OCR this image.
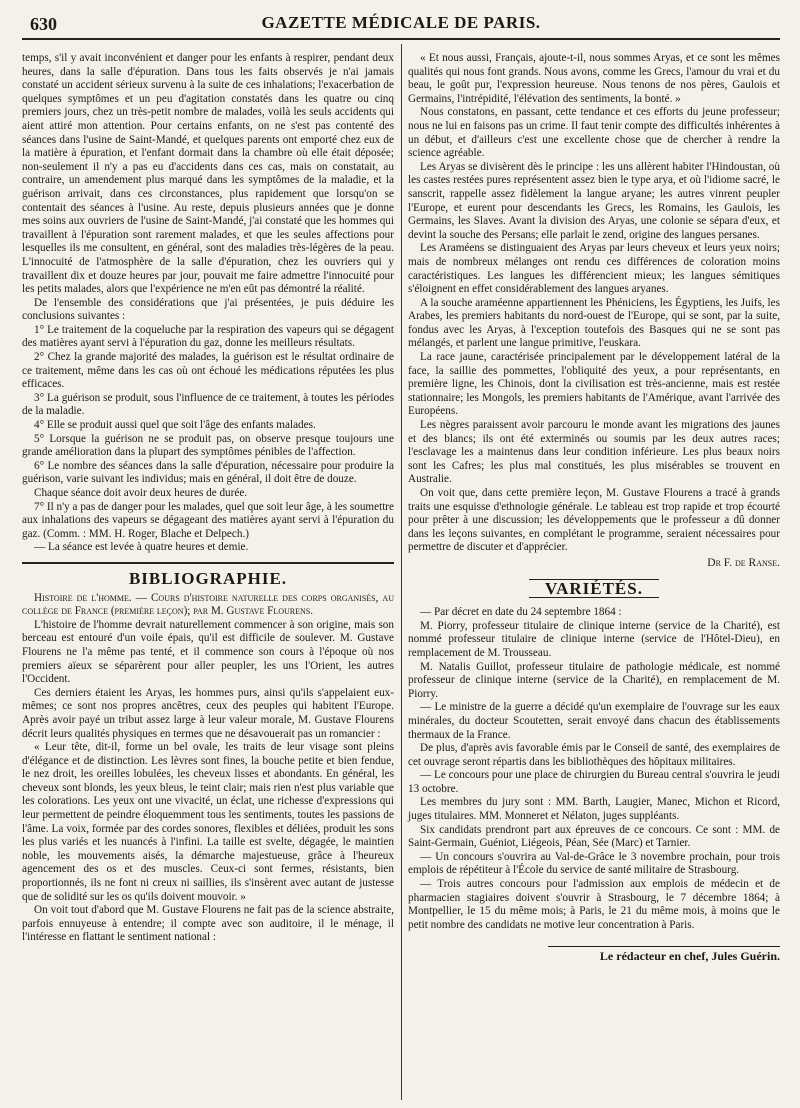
630	GAZETTE MÉDICALE DE PARIS.

temps, s'il y avait inconvénient et danger pour les enfants à respirer, pendant deux heures, dans la salle d'épuration. Dans tous les faits observés je n'ai jamais constaté un accident sérieux survenu à la suite de ces inhalations; l'exacerbation de quelques symptômes et un peu d'agitation constatés dans les quatre ou cinq premiers jours, chez un très-petit nombre de malades, voilà les seuls accidents qui aient attiré mon attention. Pour certains enfants, on ne s'est pas contenté des séances dans l'usine de Saint-Mandé, et quelques parents ont emporté chez eux de la matière à épuration, et l'enfant dormait dans la chambre où elle était déposée; non-seulement il n'y a pas eu d'accidents dans ces cas, mais on constatait, au contraire, un amendement plus marqué dans les symptômes de la maladie, et la guérison arrivait, dans ces circonstances, plus rapidement que lorsqu'on se contentait des séances à l'usine. Au reste, depuis plusieurs années que je donne mes soins aux ouvriers de l'usine de Saint-Mandé, j'ai constaté que les hommes qui travaillent à l'épuration sont rarement malades, et que les seules affections pour lesquelles ils me consultent, en général, sont des maladies très-légères de la peau. L'innocuité de l'atmosphère de la salle d'épuration, chez les ouvriers qui y travaillent dix et douze heures par jour, pouvait me faire admettre l'innocuité pour les petits malades, alors que l'expérience ne m'en eût pas démontré la réalité.

De l'ensemble des considérations que j'ai présentées, je puis déduire les conclusions suivantes :

1° Le traitement de la coqueluche par la respiration des vapeurs qui se dégagent des matières ayant servi à l'épuration du gaz, donne les meilleurs résultats.

2° Chez la grande majorité des malades, la guérison est le résultat ordinaire de ce traitement, même dans les cas où ont échoué les médications réputées les plus efficaces.

3° La guérison se produit, sous l'influence de ce traitement, à toutes les périodes de la maladie.

4° Elle se produit aussi quel que soit l'âge des enfants malades.

5° Lorsque la guérison ne se produit pas, on observe presque toujours une grande amélioration dans la plupart des symptômes pénibles de l'affection.

6° Le nombre des séances dans la salle d'épuration, nécessaire pour produire la guérison, varie suivant les individus; mais en général, il doit être de douze.

Chaque séance doit avoir deux heures de durée.

7° Il n'y a pas de danger pour les malades, quel que soit leur âge, à les soumettre aux inhalations des vapeurs se dégageant des matières ayant servi à l'épuration du gaz. (Comm. : MM. H. Roger, Blache et Delpech.)

— La séance est levée à quatre heures et demie.

BIBLIOGRAPHIE.

Histoire de l'homme. — Cours d'histoire naturelle des corps organisés, au collège de France (première leçon); par M. Gustave Flourens.

L'histoire de l'homme devrait naturellement commencer à son origine, mais son berceau est entouré d'un voile épais, qu'il est difficile de soulever. M. Gustave Flourens ne l'a même pas tenté, et il commence son cours à l'époque où nos premiers aïeux se séparèrent pour aller peupler, les uns l'Orient, les autres l'Occident.

Ces derniers étaient les Aryas, les hommes purs, ainsi qu'ils s'appelaient eux-mêmes; ce sont nos propres ancêtres, ceux des peuples qui habitent l'Europe. Après avoir payé un tribut assez large à leur valeur morale, M. Gustave Flourens décrit leurs qualités physiques en termes que ne désavouerait pas un romancier :

« Leur tête, dit-il, forme un bel ovale, les traits de leur visage sont pleins d'élégance et de distinction. Les lèvres sont fines, la bouche petite et bien fendue, le nez droit, les oreilles lobulées, les cheveux lisses et abondants. En général, les cheveux sont blonds, les yeux bleus, le teint clair; mais rien n'est plus variable que les colorations. Les yeux ont une vivacité, un éclat, une richesse d'expressions qui leur permettent de peindre éloquemment tous les sentiments, toutes les passions de l'âme. La voix, formée par des cordes sonores, flexibles et déliées, produit les sons les plus variés et les nuancés à l'infini. La taille est svelte, dégagée, le maintien noble, les mouvements aisés, la démarche majestueuse, grâce à l'heureux agencement des os et des muscles. Ceux-ci sont fermes, résistants, bien proportionnés, ils ne font ni creux ni saillies, ils s'insèrent avec autant de justesse que de solidité sur les os qu'ils doivent mouvoir. »

On voit tout d'abord que M. Gustave Flourens ne fait pas de la science abstraite, parfois ennuyeuse à entendre; il compte avec son auditoire, il le ménage, il l'intéresse en flattant le sentiment national :

« Et nous aussi, Français, ajoute-t-il, nous sommes Aryas, et ce sont les mêmes qualités qui nous font grands. Nous avons, comme les Grecs, l'amour du vrai et du beau, le goût pur, l'expression heureuse. Nous tenons de nos pères, Gaulois et Germains, l'intrépidité, l'élévation des sentiments, la bonté. »

Nous constatons, en passant, cette tendance et ces efforts du jeune professeur; nous ne lui en faisons pas un crime. Il faut tenir compte des difficultés inhérentes à un début, et d'ailleurs c'est une excellente chose que de chercher à rendre la science agréable.

Les Aryas se divisèrent dès le principe : les uns allèrent habiter l'Hindoustan, où les castes restées pures représentent assez bien le type arya, et où l'idiome sacré, le sanscrit, rappelle assez fidèlement la langue aryane; les autres vinrent peupler l'Europe, et eurent pour descendants les Grecs, les Romains, les Gaulois, les Germains, les Slaves. Avant la division des Aryas, une colonie se sépara d'eux, et devint la souche des Persans; elle parlait le zend, origine des langues persanes.

Les Araméens se distinguaient des Aryas par leurs cheveux et leurs yeux noirs; mais de nombreux mélanges ont rendu ces différences de coloration moins caractéristiques. Les langues les différencient mieux; les langues sémitiques s'éloignent en effet considérablement des langues aryanes.

A la souche araméenne appartiennent les Phéniciens, les Égyptiens, les Juifs, les Arabes, les premiers habitants du nord-ouest de l'Europe, qui se sont, par la suite, fondus avec les Aryas, à l'exception toutefois des Basques qui ne se sont pas mélangés, et parlent une langue primitive, l'euskara.

La race jaune, caractérisée principalement par le développement latéral de la face, la saillie des pommettes, l'obliquité des yeux, a pour représentants, en première ligne, les Chinois, dont la civilisation est très-ancienne, mais est restée stationnaire; les Mongols, les premiers habitants de l'Amérique, avant l'arrivée des Européens.

Les nègres paraissent avoir parcouru le monde avant les migrations des jaunes et des blancs; ils ont été exterminés ou soumis par les deux autres races; l'esclavage les a maintenus dans leur condition inférieure. Les plus beaux noirs sont les Cafres; les plus mal constitués, les plus misérables se trouvent en Australie.

On voit que, dans cette première leçon, M. Gustave Flourens a tracé à grands traits une esquisse d'ethnologie générale. Le tableau est trop rapide et trop écourté pour prêter à une discussion; les développements que le professeur a dû donner dans les leçons suivantes, en complétant le programme, seraient nécessaires pour permettre de discuter et d'apprécier.

Dr F. de Ranse.
VARIÉTÉS.

— Par décret en date du 24 septembre 1864 :

M. Piorry, professeur titulaire de clinique interne (service de la Charité), est nommé professeur titulaire de clinique interne (service de l'Hôtel-Dieu), en remplacement de M. Trousseau.

M. Natalis Guillot, professeur titulaire de pathologie médicale, est nommé professeur de clinique interne (service de la Charité), en remplacement de M. Piorry.

— Le ministre de la guerre a décidé qu'un exemplaire de l'ouvrage sur les eaux minérales, du docteur Scoutetten, serait envoyé dans chacun des établissements thermaux de la France.

De plus, d'après avis favorable émis par le Conseil de santé, des exemplaires de cet ouvrage seront répartis dans les bibliothèques des hôpitaux militaires.

— Le concours pour une place de chirurgien du Bureau central s'ouvrira le jeudi 13 octobre.

Les membres du jury sont : MM. Barth, Laugier, Manec, Michon et Ricord, juges titulaires. MM. Monneret et Nélaton, juges suppléants.

Six candidats prendront part aux épreuves de ce concours. Ce sont : MM. de Saint-Germain, Guéniot, Liégeois, Péan, Sée (Marc) et Tarnier.

— Un concours s'ouvrira au Val-de-Grâce le 3 novembre prochain, pour trois emplois de répétiteur à l'École du service de santé militaire de Strasbourg.

— Trois autres concours pour l'admission aux emplois de médecin et de pharmacien stagiaires doivent s'ouvrir à Strasbourg, le 7 décembre 1864; à Montpellier, le 15 du même mois; à Paris, le 21 du même mois, à moins que le petit nombre des candidats ne motive leur concentration à Paris.

Le rédacteur en chef, Jules Guérin.
